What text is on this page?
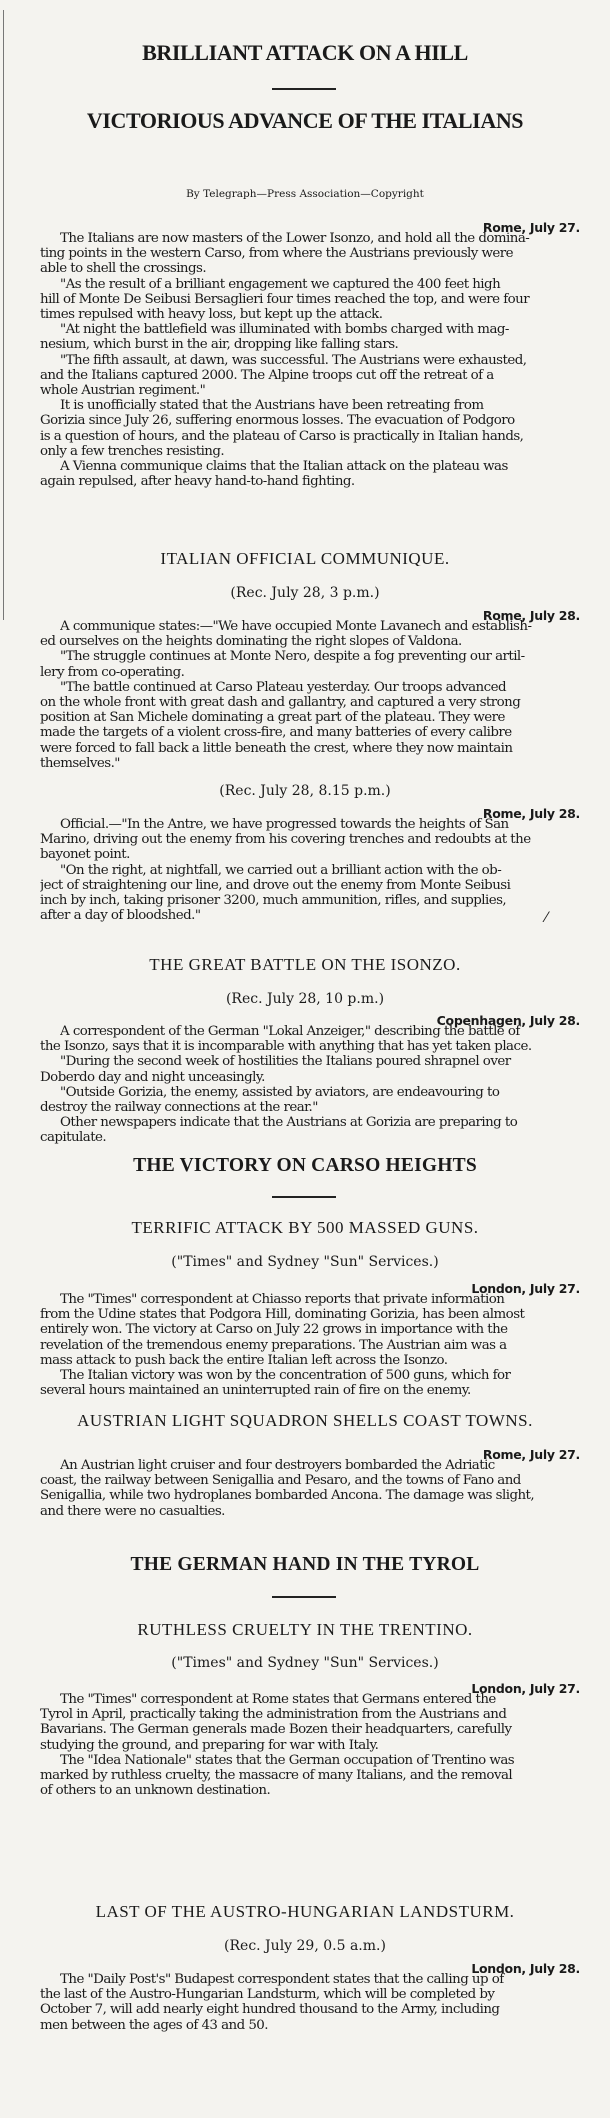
BRILLIANT ATTACK ON A HILL
VICTORIOUS ADVANCE OF THE ITALIANS
By Telegraph—Press Association—Copyright
Rome, July 27.
The Italians are now masters of the Lower Isonzo, and hold all the domina-
ting points in the western Carso, from where the Austrians previously were
able to shell the crossings.
"As the result of a brilliant engagement we captured the 400 feet high
hill of Monte De Seibusi Bersaglieri four times reached the top, and were four
times repulsed with heavy loss, but kept up the attack.
"At night the battlefield was illuminated with bombs charged with mag-
nesium, which burst in the air, dropping like falling stars.
"The fifth assault, at dawn, was successful. The Austrians were exhausted,
and the Italians captured 2000. The Alpine troops cut off the retreat of a
whole Austrian regiment."
It is unofficially stated that the Austrians have been retreating from
Gorizia since July 26, suffering enormous losses. The evacuation of Podgoro
is a question of hours, and the plateau of Carso is practically in Italian hands,
only a few trenches resisting.
A Vienna communique claims that the Italian attack on the plateau was
again repulsed, after heavy hand-to-hand fighting.
ITALIAN OFFICIAL COMMUNIQUE.
(Rec. July 28, 3 p.m.)
Rome, July 28.
A communique states:—"We have occupied Monte Lavanech and establish-
ed ourselves on the heights dominating the right slopes of Valdona.
"The struggle continues at Monte Nero, despite a fog preventing our artil-
lery from co-operating.
"The battle continued at Carso Plateau yesterday. Our troops advanced
on the whole front with great dash and gallantry, and captured a very strong
position at San Michele dominating a great part of the plateau. They were
made the targets of a violent cross-fire, and many batteries of every calibre
were forced to fall back a little beneath the crest, where they now maintain
themselves."
(Rec. July 28, 8.15 p.m.)
Rome, July 28.
Official.—"In the Antre, we have progressed towards the heights of San
Marino, driving out the enemy from his covering trenches and redoubts at the
bayonet point.
"On the right, at nightfall, we carried out a brilliant action with the ob-
ject of straightening our line, and drove out the enemy from Monte Seibusi
inch by inch, taking prisoner 3200, much ammunition, rifles, and supplies,
after a day of bloodshed."	⁄
THE GREAT BATTLE ON THE ISONZO.
(Rec. July 28, 10 p.m.)
Copenhagen, July 28.
A correspondent of the German "Lokal Anzeiger," describing the battle of
the Isonzo, says that it is incomparable with anything that has yet taken place.
"During the second week of hostilities the Italians poured shrapnel over
Doberdo day and night unceasingly.
"Outside Gorizia, the enemy, assisted by aviators, are endeavouring to
destroy the railway connections at the rear."
Other newspapers indicate that the Austrians at Gorizia are preparing to
capitulate.
THE VICTORY ON CARSO HEIGHTS
TERRIFIC ATTACK BY 500 MASSED GUNS.
("Times" and Sydney "Sun" Services.)
London, July 27.
The "Times" correspondent at Chiasso reports that private information
from the Udine states that Podgora Hill, dominating Gorizia, has been almost
entirely won. The victory at Carso on July 22 grows in importance with the
revelation of the tremendous enemy preparations. The Austrian aim was a
mass attack to push back the entire Italian left across the Isonzo.
The Italian victory was won by the concentration of 500 guns, which for
several hours maintained an uninterrupted rain of fire on the enemy.
AUSTRIAN LIGHT SQUADRON SHELLS COAST TOWNS.
Rome, July 27.
An Austrian light cruiser and four destroyers bombarded the Adriatic
coast, the railway between Senigallia and Pesaro, and the towns of Fano and
Senigallia, while two hydroplanes bombarded Ancona. The damage was slight,
and there were no casualties.
THE GERMAN HAND IN THE TYROL
RUTHLESS CRUELTY IN THE TRENTINO.
("Times" and Sydney "Sun" Services.)
London, July 27.
The "Times" correspondent at Rome states that Germans entered the
Tyrol in April, practically taking the administration from the Austrians and
Bavarians. The German generals made Bozen their headquarters, carefully
studying the ground, and preparing for war with Italy.
The "Idea Nationale" states that the German occupation of Trentino was
marked by ruthless cruelty, the massacre of many Italians, and the removal
of others to an unknown destination.
LAST OF THE AUSTRO-HUNGARIAN LANDSTURM.
(Rec. July 29, 0.5 a.m.)
London, July 28.
The "Daily Post's" Budapest correspondent states that the calling up of
the last of the Austro-Hungarian Landsturm, which will be completed by
October 7, will add nearly eight hundred thousand to the Army, including
men between the ages of 43 and 50.
